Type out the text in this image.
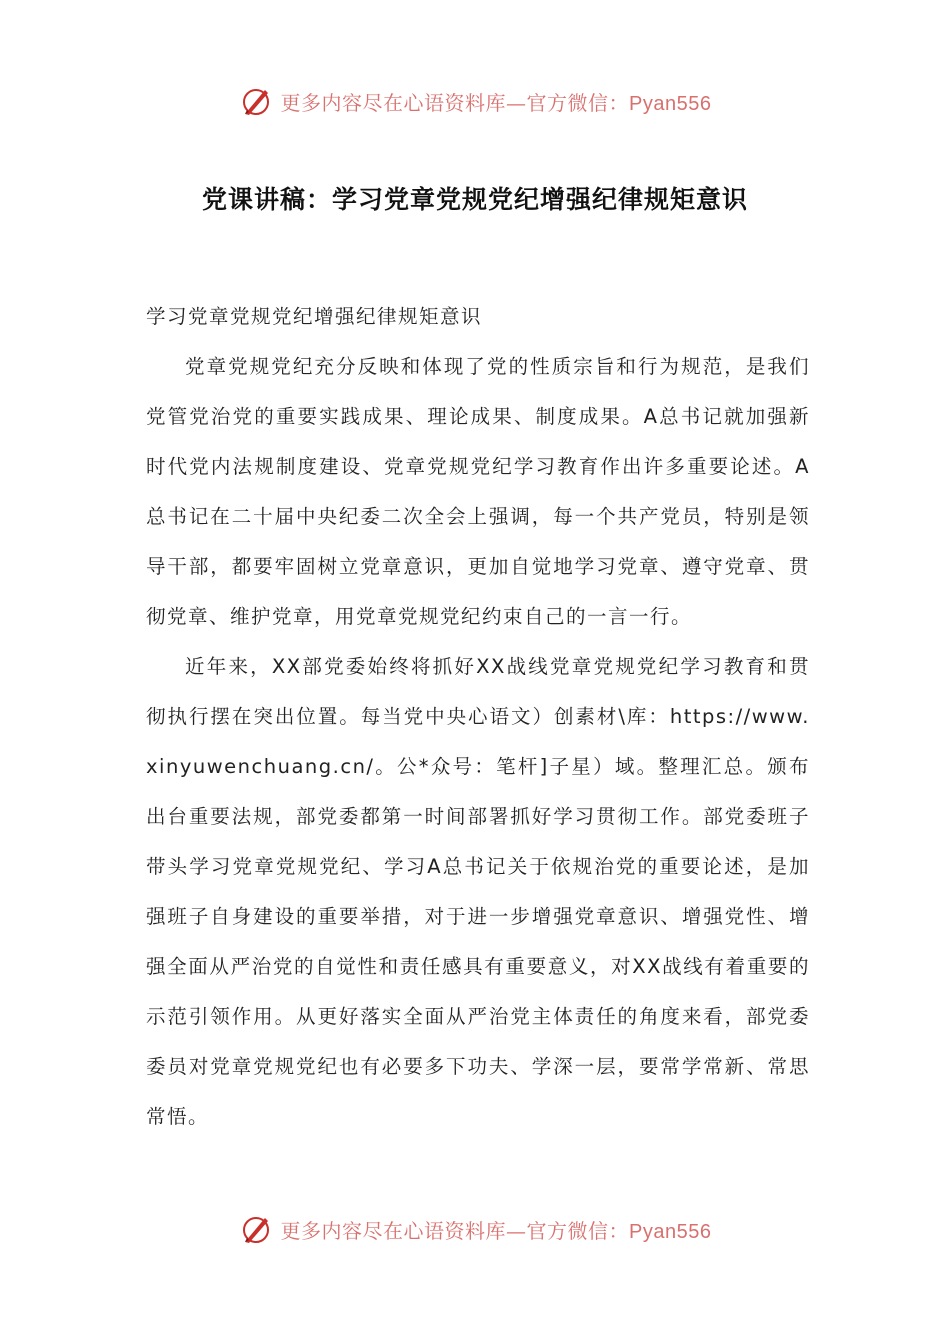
更多内容尽在心语资料库—官方微信：Pyan556
党课讲稿：学习党章党规党纪增强纪律规矩意识

学习党章党规党纪增强纪律规矩意识

党章党规党纪充分反映和体现了党的性质宗旨和行为规范，是我们党管党治党的重要实践成果、理论成果、制度成果。A总书记就加强新时代党内法规制度建设、党章党规党纪学习教育作出许多重要论述。A总书记在二十届中央纪委二次全会上强调，每一个共产党员，特别是领导干部，都要牢固树立党章意识，更加自觉地学习党章、遵守党章、贯彻党章、维护党章，用党章党规党纪约束自己的一言一行。

近年来，XX部党委始终将抓好XX战线党章党规党纪学习教育和贯彻执行摆在突出位置。每当党中央心语文）创素材\库：https://www.xinyuwenchuang.cn/。公*众号：笔杆]子星）域。整理汇总。颁布出台重要法规，部党委都第一时间部署抓好学习贯彻工作。部党委班子带头学习党章党规党纪、学习A总书记关于依规治党的重要论述，是加强班子自身建设的重要举措，对于进一步增强党章意识、增强党性、增强全面从严治党的自觉性和责任感具有重要意义，对XX战线有着重要的示范引领作用。从更好落实全面从严治党主体责任的角度来看，部党委委员对党章党规党纪也有必要多下功夫、学深一层，要常学常新、常思常悟。

更多内容尽在心语资料库—官方微信：Pyan556
